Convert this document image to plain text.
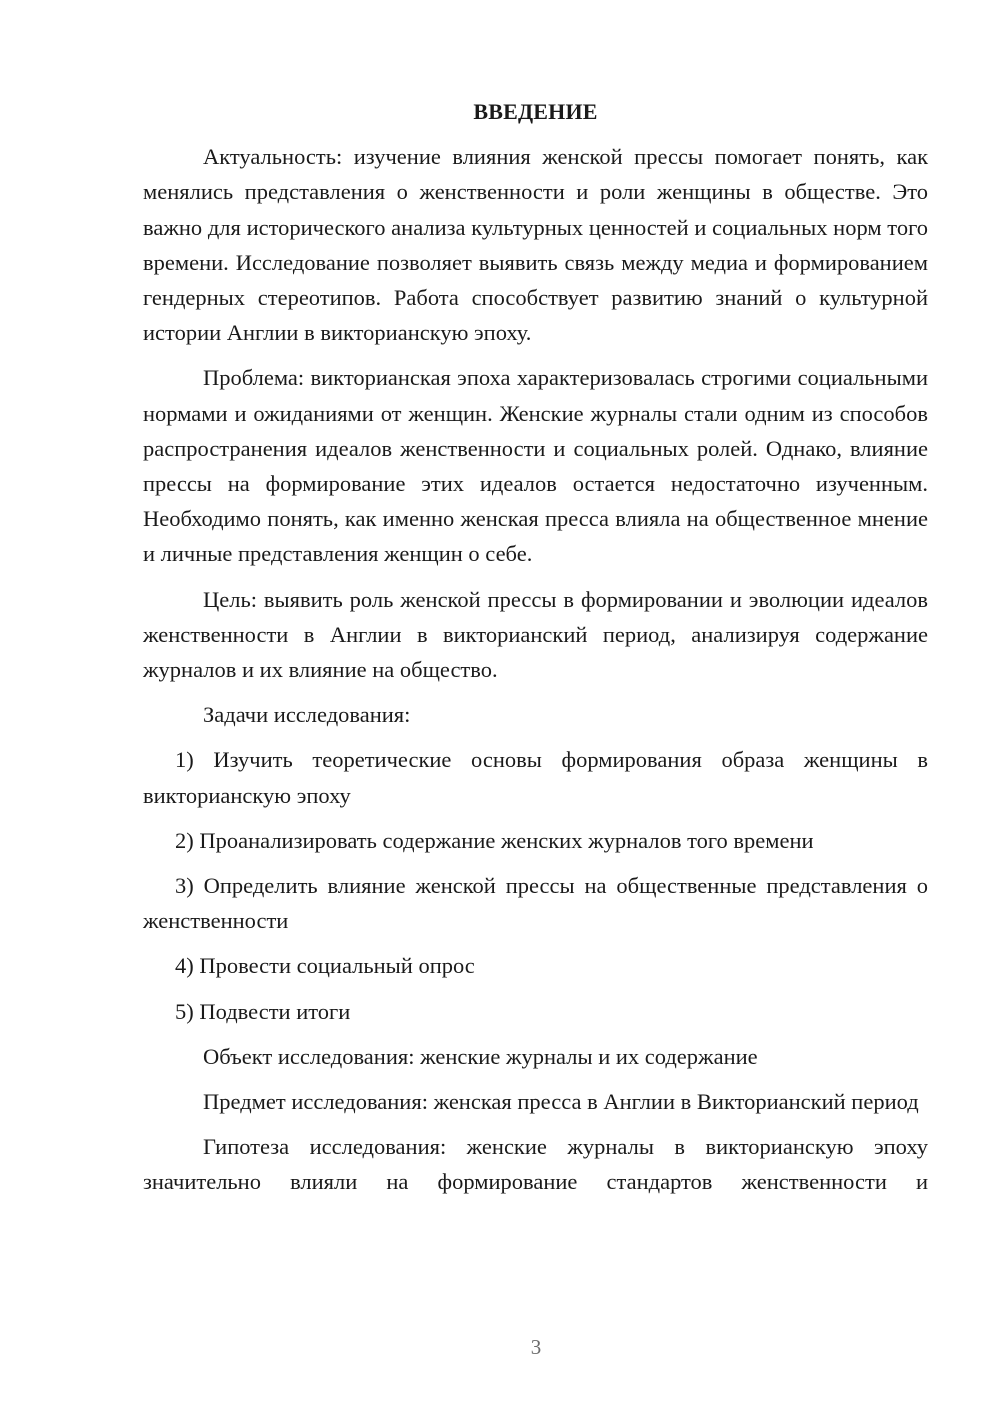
ВВЕДЕНИЕ

Актуальность: изучение влияния женской прессы помогает понять, как менялись представления о женственности и роли женщины в обществе. Это важно для исторического анализа культурных ценностей и социальных норм того времени. Исследование позволяет выявить связь между медиа и формированием гендерных стереотипов. Работа способствует развитию знаний о культурной истории Англии в викторианскую эпоху.

Проблема: викторианская эпоха характеризовалась строгими социальными нормами и ожиданиями от женщин. Женские журналы стали одним из способов распространения идеалов женственности и социальных ролей. Однако, влияние прессы на формирование этих идеалов остается недостаточно изученным. Необходимо понять, как именно женская пресса влияла на общественное мнение и личные представления женщин о себе.

Цель: выявить роль женской прессы в формировании и эволюции идеалов женственности в Англии в викторианский период, анализируя содержание журналов и их влияние на общество.

Задачи исследования:

1) Изучить теоретические основы формирования образа женщины в викторианскую эпоху

2) Проанализировать содержание женских журналов того времени

3) Определить влияние женской прессы на общественные представления о женственности

4) Провести социальный опрос

5) Подвести итоги

Объект исследования: женские журналы и их содержание

Предмет исследования: женская пресса в Англии в Викторианский период

Гипотеза исследования: женские журналы в викторианскую эпоху значительно влияли на формирование стандартов женственности и

3
